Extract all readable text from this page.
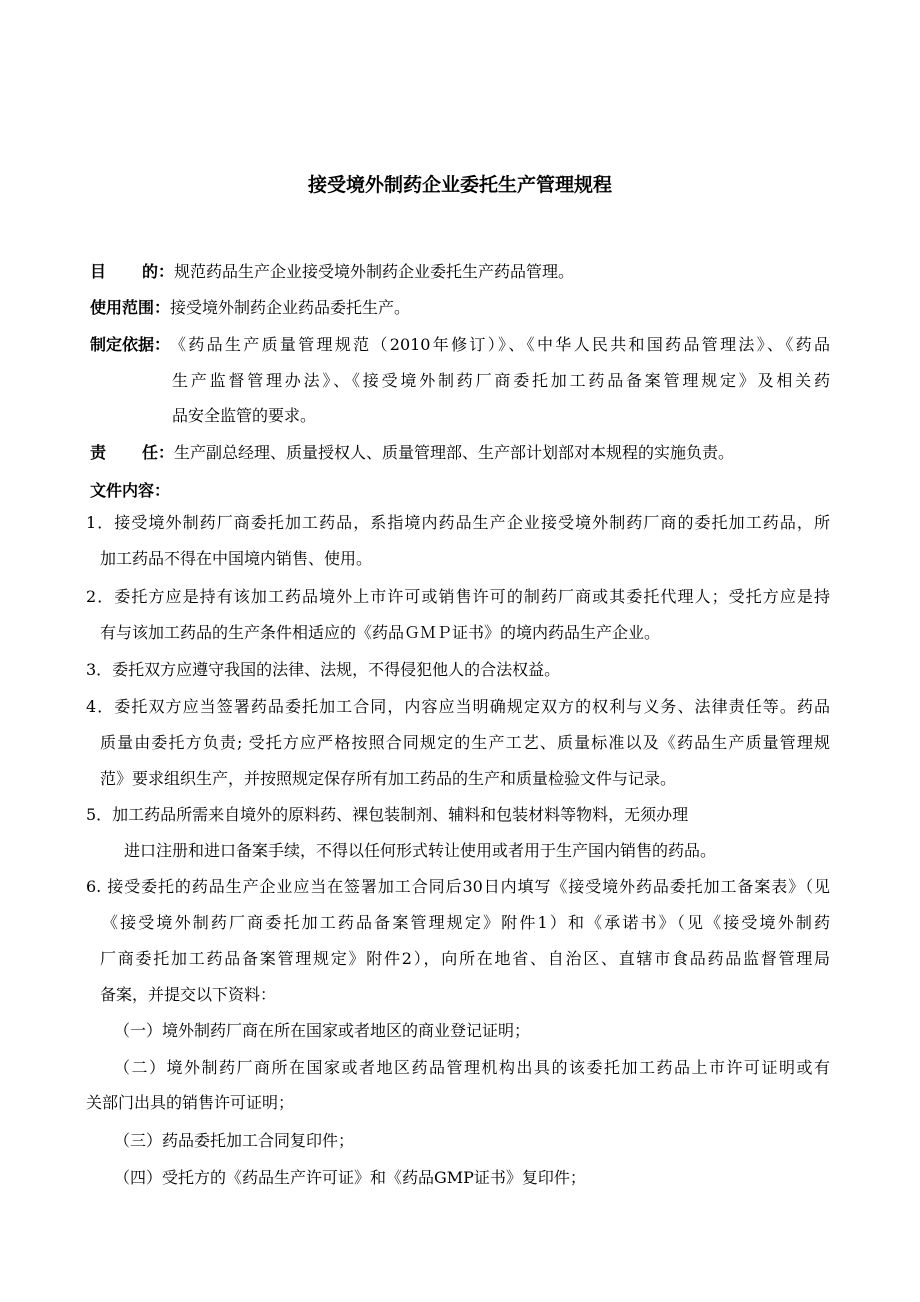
接受境外制药企业委托生产管理规程
目 的：规范药品生产企业接受境外制药企业委托生产药品管理。
使用范围：接受境外制药企业药品委托生产。
制定依据： 《药品生产质量管理规范（2010年修订）》、《中华人民共和国药品管理法》、《药品
生产监督管理办法》、《接受境外制药厂商委托加工药品备案管理规定》及相关药
品安全监管的要求。
责 任：生产副总经理、质量授权人、质量管理部、生产部计划部对本规程的实施负责。
文件内容：
1．接受境外制药厂商委托加工药品，系指境内药品生产企业接受境外制药厂商的委托加工药品，所
加工药品不得在中国境内销售、使用。
2．委托方应是持有该加工药品境外上市许可或销售许可的制药厂商或其委托代理人；受托方应是持
有与该加工药品的生产条件相适应的《药品ＧＭＰ证书》的境内药品生产企业。
3．委托双方应遵守我国的法律、法规，不得侵犯他人的合法权益。
4．委托双方应当签署药品委托加工合同，内容应当明确规定双方的权利与义务、法律责任等。药品
质量由委托方负责; 受托方应严格按照合同规定的生产工艺、质量标准以及《药品生产质量管理规
范》要求组织生产，并按照规定保存所有加工药品的生产和质量检验文件与记录。
5．加工药品所需来自境外的原料药、裸包装制剂、辅料和包装材料等物料，无须办理
进口注册和进口备案手续，不得以任何形式转让使用或者用于生产国内销售的药品。
6. 接受委托的药品生产企业应当在签署加工合同后30日内填写《接受境外药品委托加工备案表》（见
《接受境外制药厂商委托加工药品备案管理规定》附件1）和《承诺书》（见《接受境外制药
厂商委托加工药品备案管理规定》附件2），向所在地省、自治区、直辖市食品药品监督管理局
备案，并提交以下资料：
（一）境外制药厂商在所在国家或者地区的商业登记证明；
（二）境外制药厂商所在国家或者地区药品管理机构出具的该委托加工药品上市许可证明或有
关部门出具的销售许可证明；
（三）药品委托加工合同复印件；
（四）受托方的《药品生产许可证》和《药品GMP证书》复印件；
